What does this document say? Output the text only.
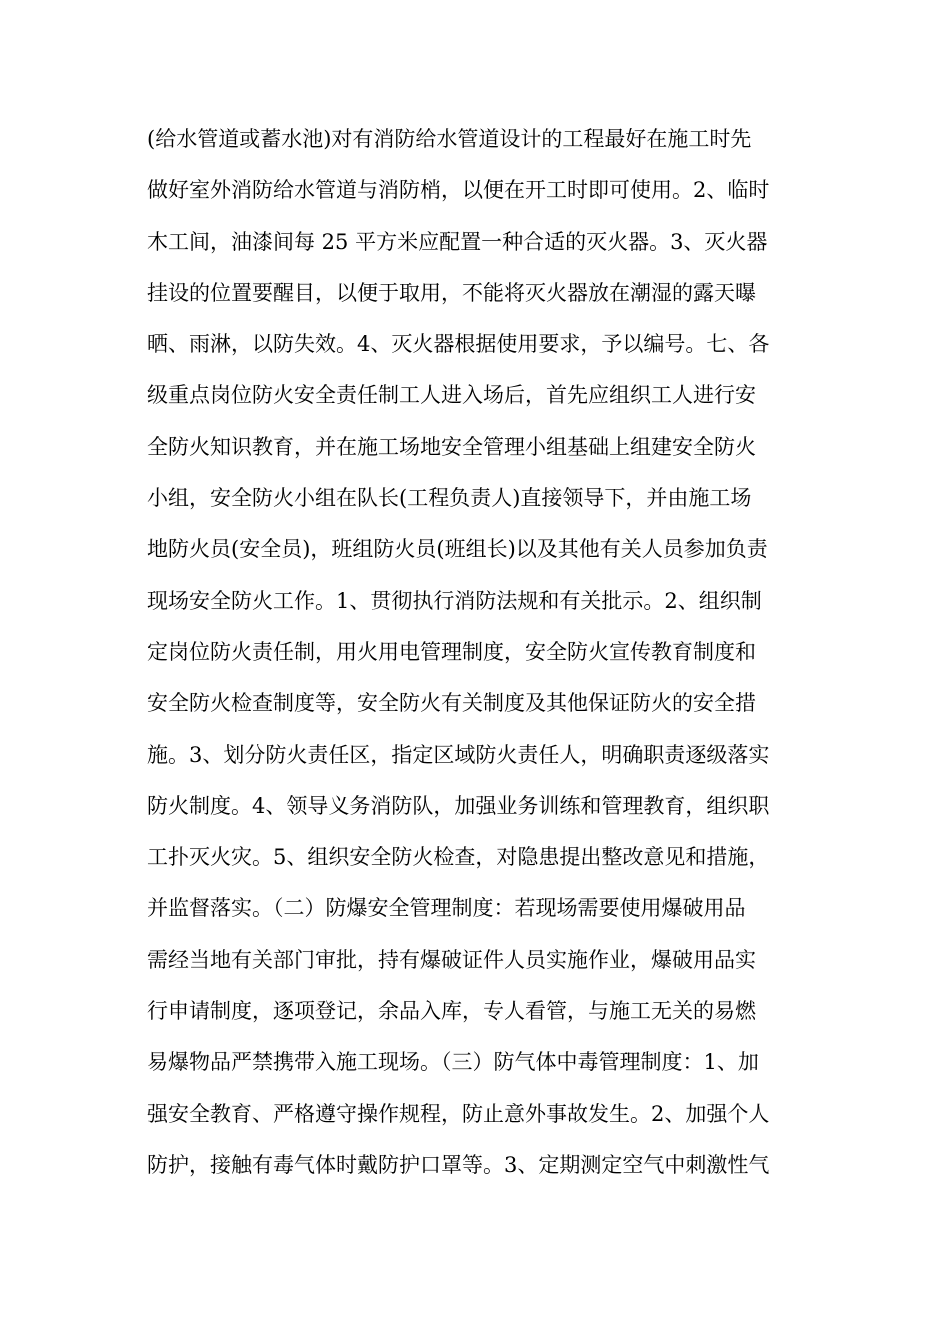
(给水管道或蓄水池)对有消防给水管道设计的工程最好在施工时先
做好室外消防给水管道与消防梢，以便在开工时即可使用。2、临时
木工间，油漆间每 25 平方米应配置一种合适的灭火器。3、灭火器
挂设的位置要醒目，以便于取用，不能将灭火器放在潮湿的露天曝
晒、雨淋，以防失效。4、灭火器根据使用要求，予以编号。七、各
级重点岗位防火安全责任制工人进入场后，首先应组织工人进行安
全防火知识教育，并在施工场地安全管理小组基础上组建安全防火
小组，安全防火小组在队长(工程负责人)直接领导下，并由施工场
地防火员(安全员)，班组防火员(班组长)以及其他有关人员参加负责
现场安全防火工作。1、贯彻执行消防法规和有关批示。2、组织制
定岗位防火责任制，用火用电管理制度，安全防火宣传教育制度和
安全防火检查制度等，安全防火有关制度及其他保证防火的安全措
施。3、划分防火责任区，指定区域防火责任人，明确职责逐级落实
防火制度。4、领导义务消防队，加强业务训练和管理教育，组织职
工扑灭火灾。5、组织安全防火检查，对隐患提出整改意见和措施，
并监督落实。（二）防爆安全管理制度：若现场需要使用爆破用品
需经当地有关部门审批，持有爆破证件人员实施作业，爆破用品实
行申请制度，逐项登记，余品入库，专人看管，与施工无关的易燃
易爆物品严禁携带入施工现场。（三）防气体中毒管理制度：1、加
强安全教育、严格遵守操作规程，防止意外事故发生。2、加强个人
防护，接触有毒气体时戴防护口罩等。3、定期测定空气中刺激性气
